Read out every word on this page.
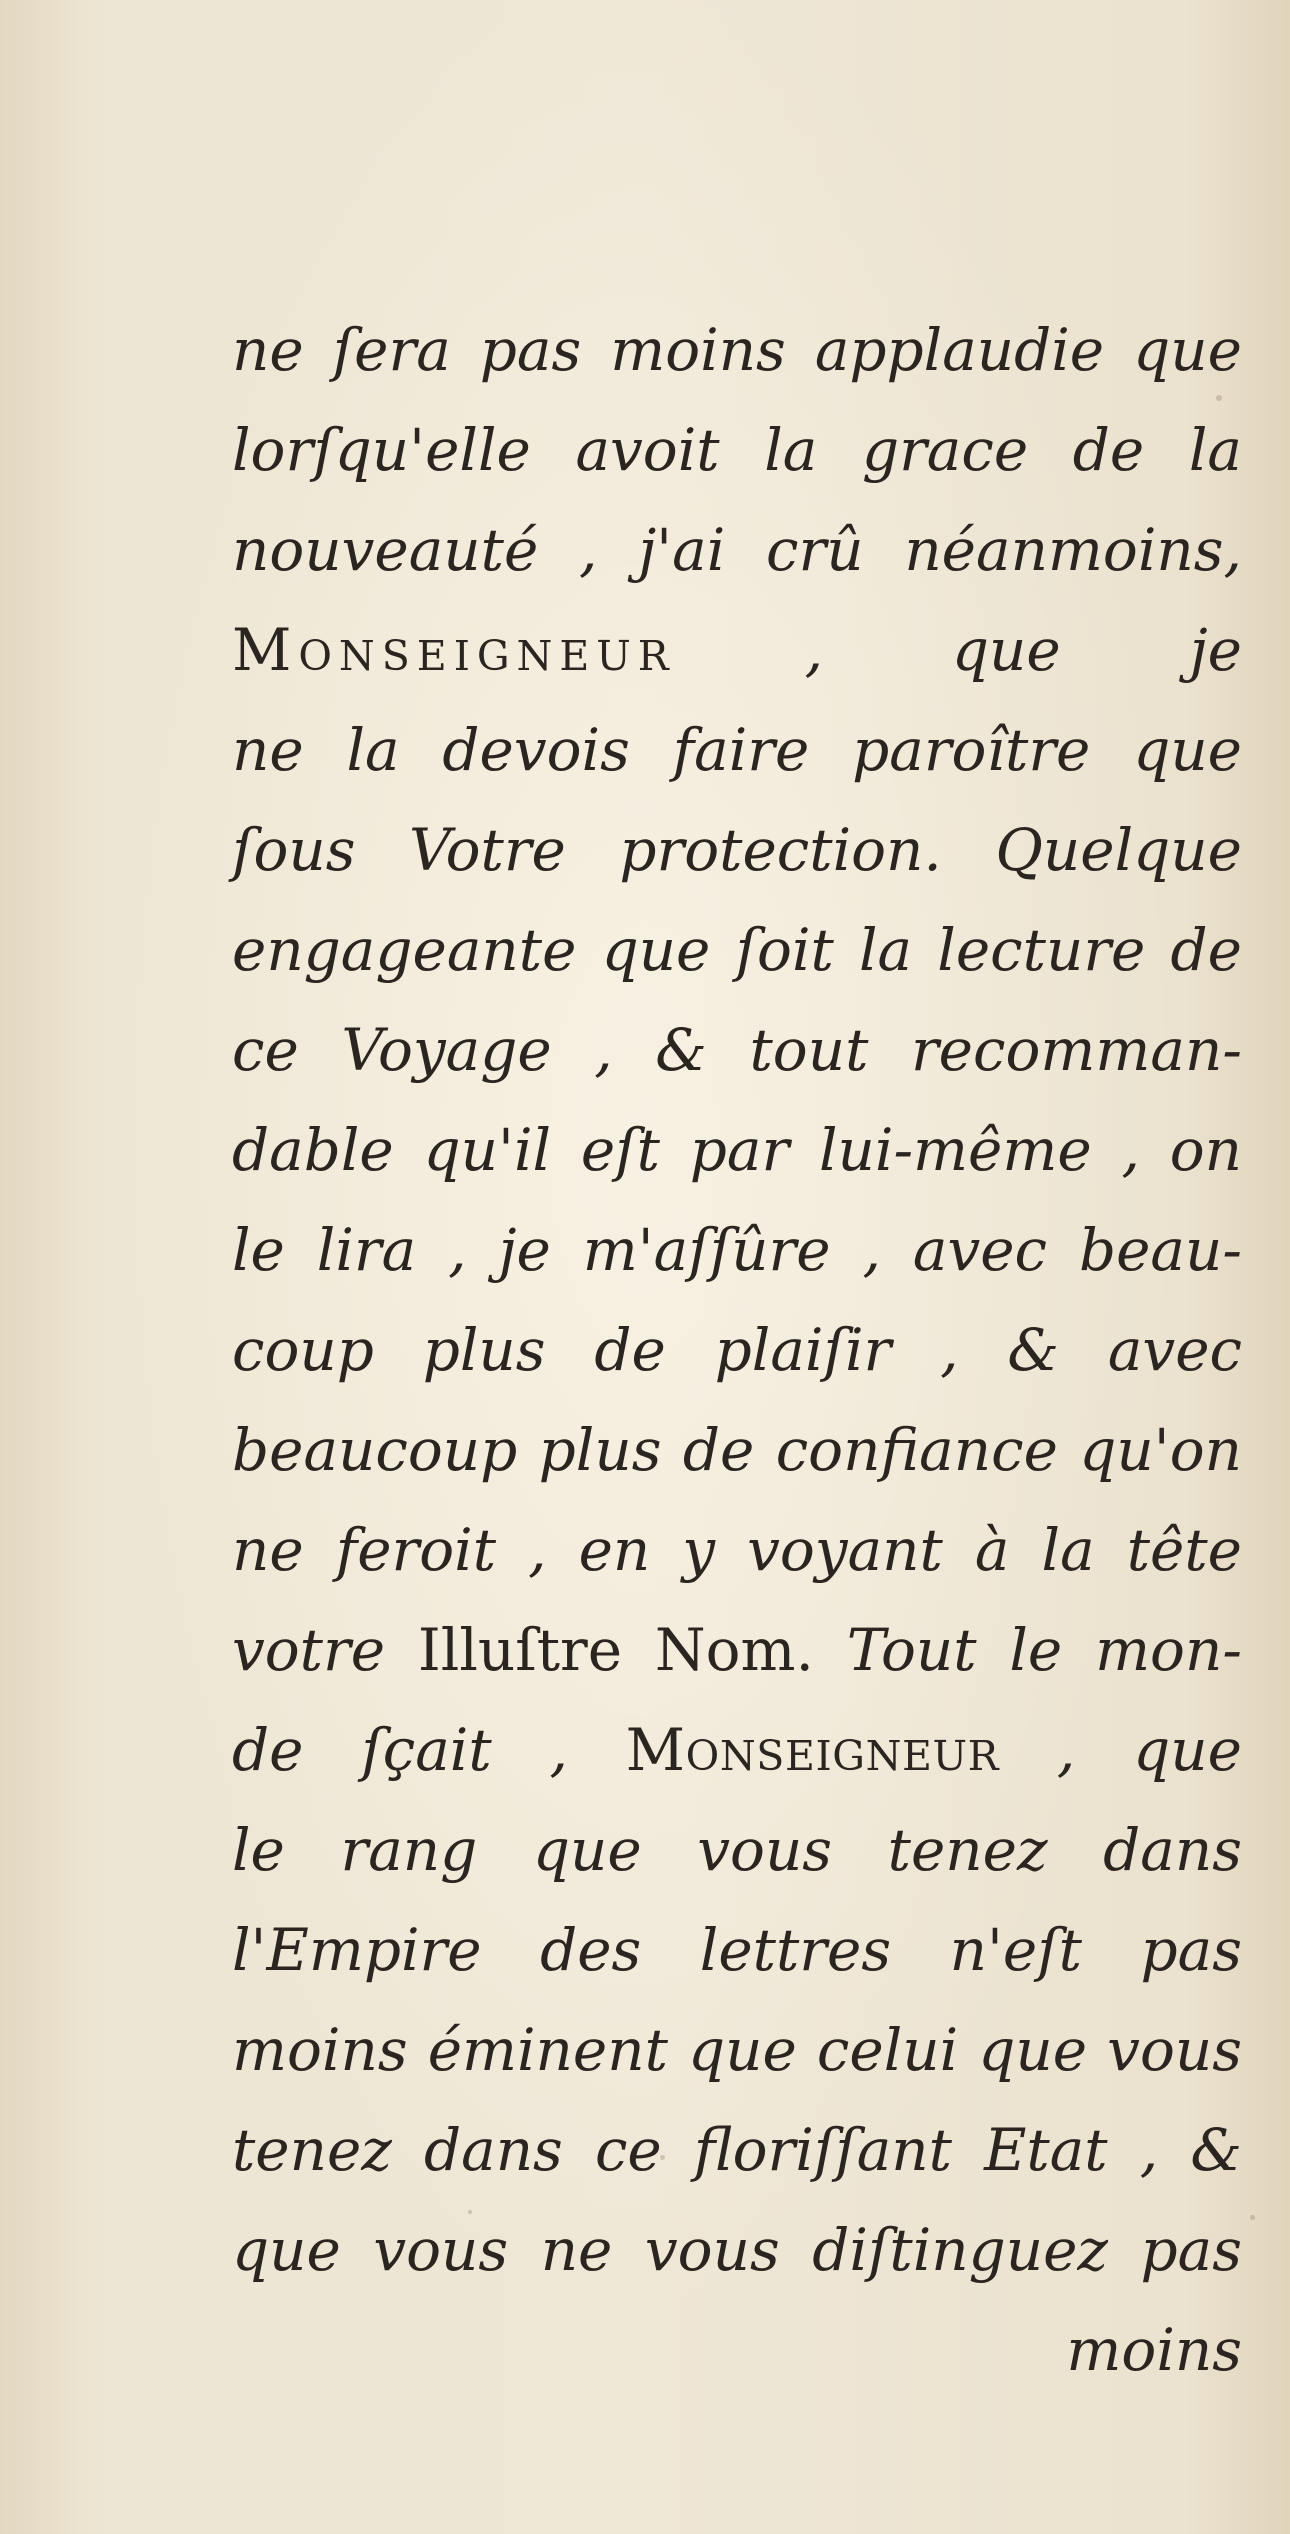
ne ſera pas moins applaudie que
lorſqu'elle avoit la grace de la
nouveauté , j'ai crû néanmoins,
Monseigneur , que je
ne la devois faire paroître que
ſous Votre protection. Quelque
engageante que ſoit la lecture de
ce Voyage , & tout recomman-
dable qu'il eſt par lui-même , on
le lira , je m'aſſûre , avec beau-
coup plus de plaiſir , & avec
beaucoup plus de confiance qu'on
ne feroit , en y voyant à la tête
votre Illuſtre Nom. Tout le mon-
de ſçait , Monseigneur , que
le rang que vous tenez dans
l'Empire des lettres n'eſt pas
moins éminent que celui que vous
tenez dans ce floriſſant Etat , &
que vous ne vous diſtinguez pas
moins
